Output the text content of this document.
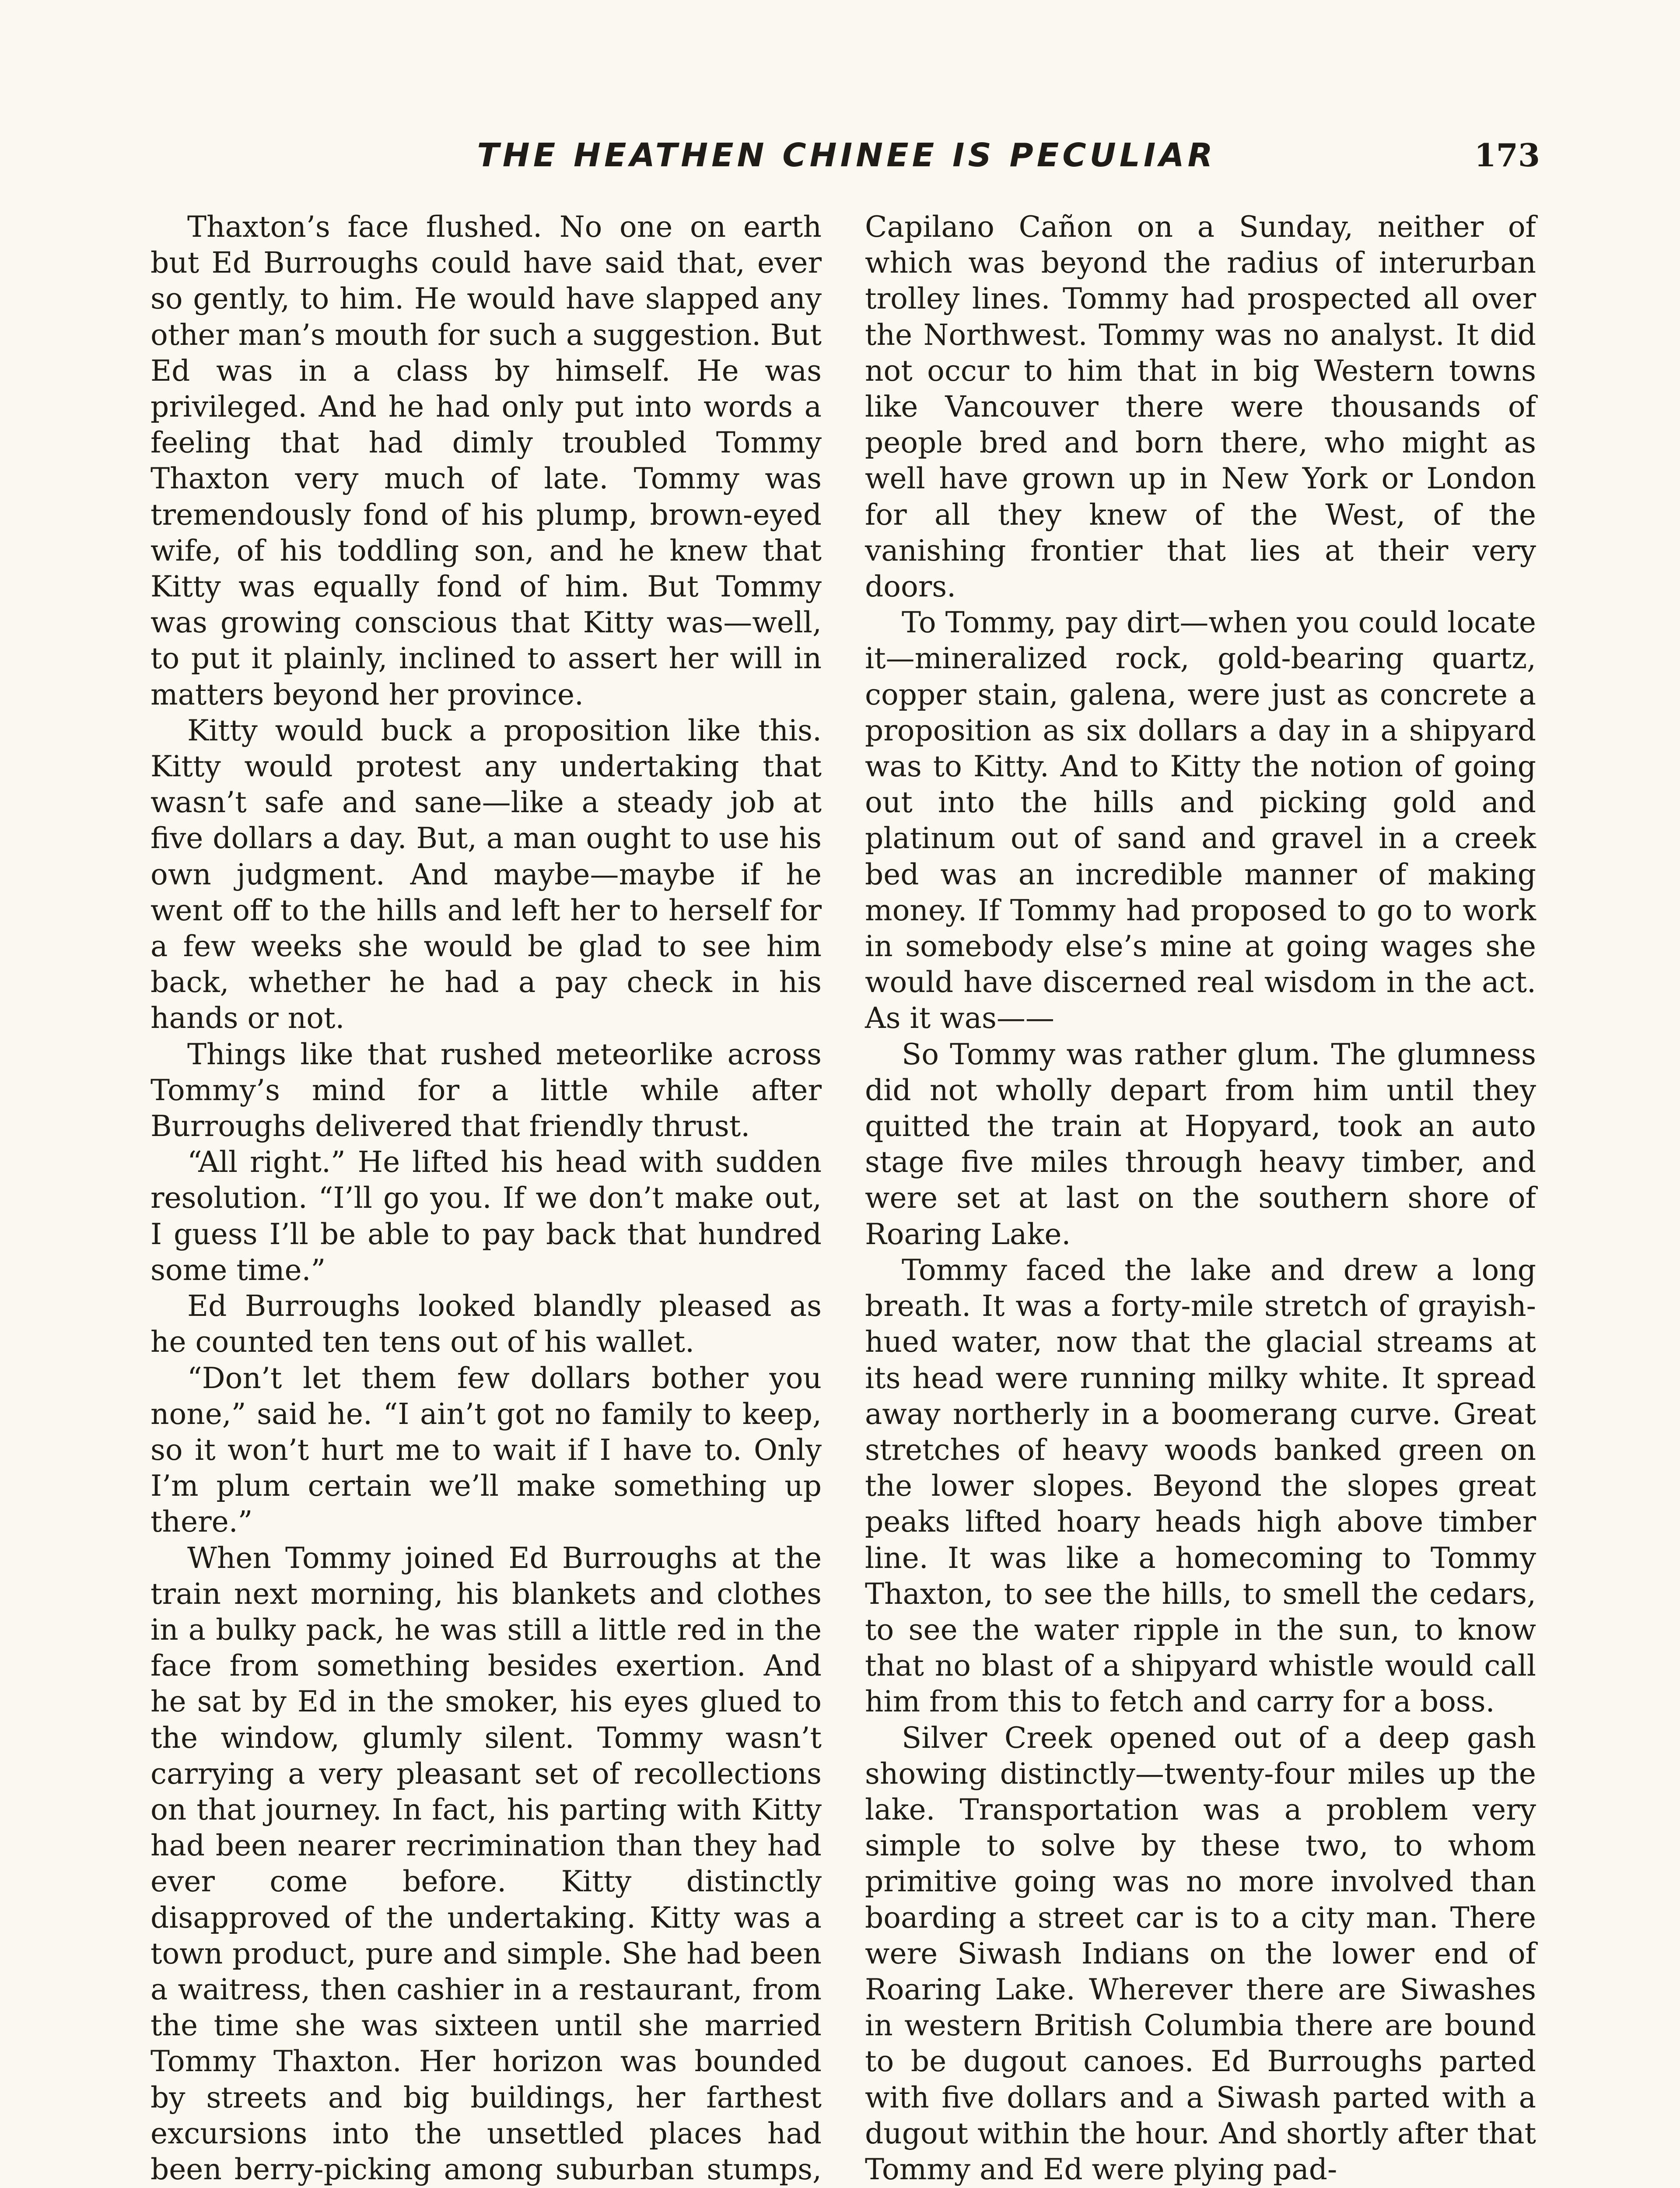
THE HEATHEN CHINEE IS PECULIAR	173

Thaxton’s face flushed. No one on earth but Ed Burroughs could have said that, ever so gently, to him. He would have slapped any other man’s mouth for such a suggestion. But Ed was in a class by himself. He was privileged. And he had only put into words a feeling that had dimly troubled Tommy Thaxton very much of late. Tommy was tremendously fond of his plump, brown-eyed wife, of his toddling son, and he knew that Kitty was equally fond of him. But Tommy was growing conscious that Kitty was—well, to put it plainly, inclined to assert her will in matters beyond her province.

Kitty would buck a proposition like this. Kitty would protest any undertaking that wasn’t safe and sane—like a steady job at five dollars a day. But, a man ought to use his own judgment. And maybe—maybe if he went off to the hills and left her to herself for a few weeks she would be glad to see him back, whether he had a pay check in his hands or not.

Things like that rushed meteorlike across Tommy’s mind for a little while after Burroughs delivered that friendly thrust.

“All right.” He lifted his head with sudden resolution. “I’ll go you. If we don’t make out, I guess I’ll be able to pay back that hundred some time.”

Ed Burroughs looked blandly pleased as he counted ten tens out of his wallet.

“Don’t let them few dollars bother you none,” said he. “I ain’t got no family to keep, so it won’t hurt me to wait if I have to. Only I’m plum certain we’ll make something up there.”

When Tommy joined Ed Burroughs at the train next morning, his blankets and clothes in a bulky pack, he was still a little red in the face from something besides exertion. And he sat by Ed in the smoker, his eyes glued to the window, glumly silent. Tommy wasn’t carrying a very pleasant set of recollections on that journey. In fact, his parting with Kitty had been nearer recrimination than they had ever come before. Kitty distinctly disapproved of the undertaking. Kitty was a town product, pure and simple. She had been a waitress, then cashier in a restaurant, from the time she was sixteen until she married Tommy Thaxton. Her horizon was bounded by streets and big buildings, her farthest excursions into the unsettled places had been berry-picking among suburban stumps,

Capilano Cañon on a Sunday, neither of which was beyond the radius of interurban trolley lines. Tommy had prospected all over the Northwest. Tommy was no analyst. It did not occur to him that in big Western towns like Vancouver there were thousands of people bred and born there, who might as well have grown up in New York or London for all they knew of the West, of the vanishing frontier that lies at their very doors.

To Tommy, pay dirt—when you could locate it—mineralized rock, gold-bearing quartz, copper stain, galena, were just as concrete a proposition as six dollars a day in a shipyard was to Kitty. And to Kitty the notion of going out into the hills and picking gold and platinum out of sand and gravel in a creek bed was an incredible manner of making money. If Tommy had proposed to go to work in somebody else’s mine at going wages she would have discerned real wisdom in the act. As it was——

So Tommy was rather glum. The glumness did not wholly depart from him until they quitted the train at Hopyard, took an auto stage five miles through heavy timber, and were set at last on the southern shore of Roaring Lake.

Tommy faced the lake and drew a long breath. It was a forty-mile stretch of grayish-hued water, now that the glacial streams at its head were running milky white. It spread away northerly in a boomerang curve. Great stretches of heavy woods banked green on the lower slopes. Beyond the slopes great peaks lifted hoary heads high above timber line. It was like a homecoming to Tommy Thaxton, to see the hills, to smell the cedars, to see the water ripple in the sun, to know that no blast of a shipyard whistle would call him from this to fetch and carry for a boss.

Silver Creek opened out of a deep gash showing distinctly—twenty-four miles up the lake. Transportation was a problem very simple to solve by these two, to whom primitive going was no more involved than boarding a street car is to a city man. There were Siwash Indians on the lower end of Roaring Lake. Wherever there are Siwashes in western British Columbia there are bound to be dugout canoes. Ed Burroughs parted with five dollars and a Siwash parted with a dugout within the hour. And shortly after that Tommy and Ed were plying pad-
